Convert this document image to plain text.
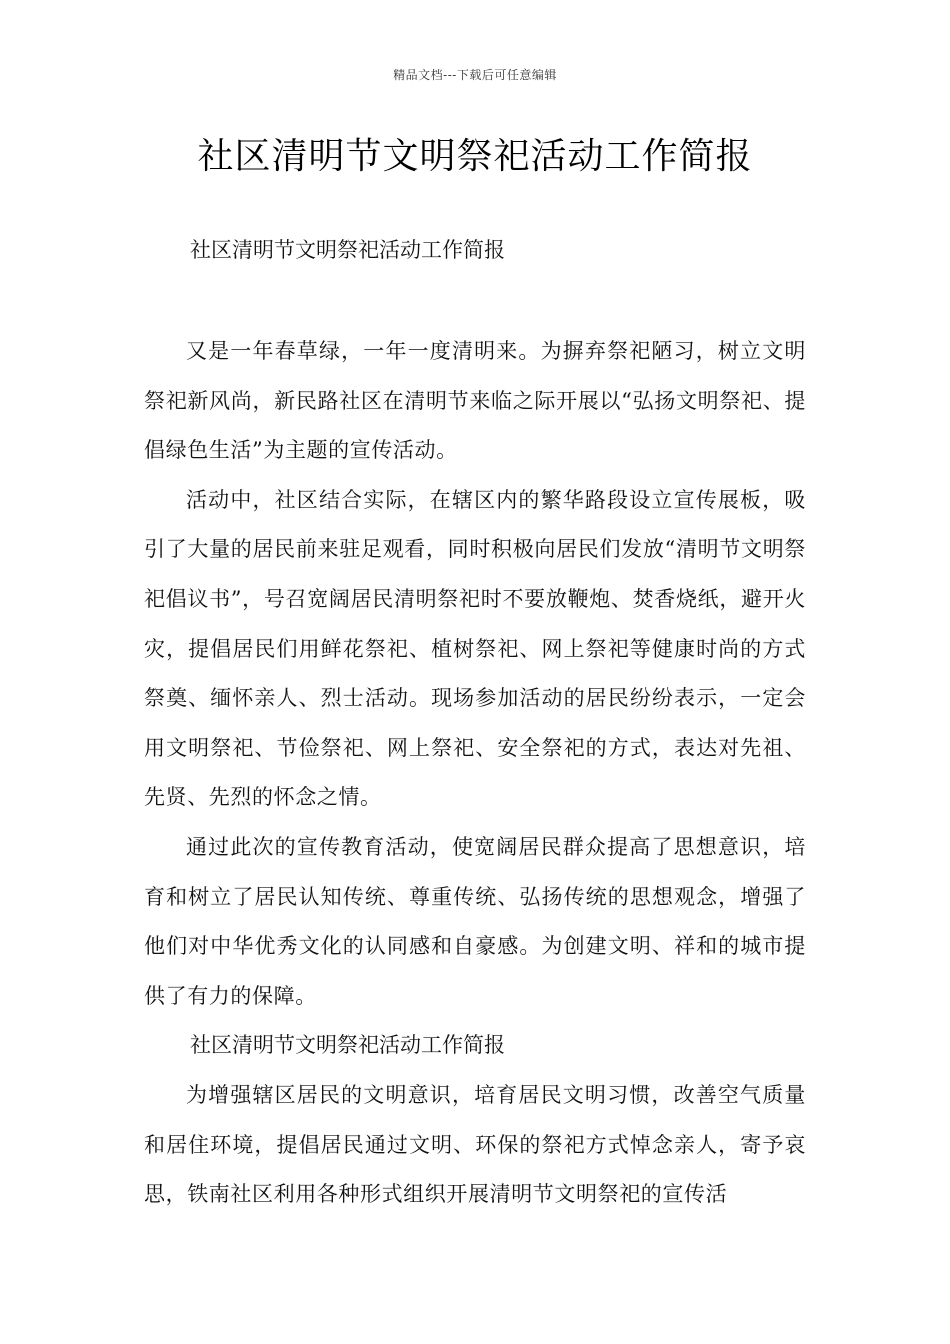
精品文档---下载后可任意编辑
社区清明节文明祭祀活动工作简报

社区清明节文明祭祀活动工作简报

又是一年春草绿，一年一度清明来。为摒弃祭祀陋习，树立文明祭祀新风尚，新民路社区在清明节来临之际开展以“弘扬文明祭祀、提倡绿色生活”为主题的宣传活动。

活动中，社区结合实际，在辖区内的繁华路段设立宣传展板，吸引了大量的居民前来驻足观看，同时积极向居民们发放“清明节文明祭祀倡议书”，号召宽阔居民清明祭祀时不要放鞭炮、焚香烧纸，避开火灾，提倡居民们用鲜花祭祀、植树祭祀、网上祭祀等健康时尚的方式祭奠、缅怀亲人、烈士活动。现场参加活动的居民纷纷表示，一定会用文明祭祀、节俭祭祀、网上祭祀、安全祭祀的方式，表达对先祖、先贤、先烈的怀念之情。

通过此次的宣传教育活动，使宽阔居民群众提高了思想意识，培育和树立了居民认知传统、尊重传统、弘扬传统的思想观念，增强了他们对中华优秀文化的认同感和自豪感。为创建文明、祥和的城市提供了有力的保障。

社区清明节文明祭祀活动工作简报

为增强辖区居民的文明意识，培育居民文明习惯，改善空气质量和居住环境，提倡居民通过文明、环保的祭祀方式悼念亲人，寄予哀思，铁南社区利用各种形式组织开展清明节文明祭祀的宣传活
